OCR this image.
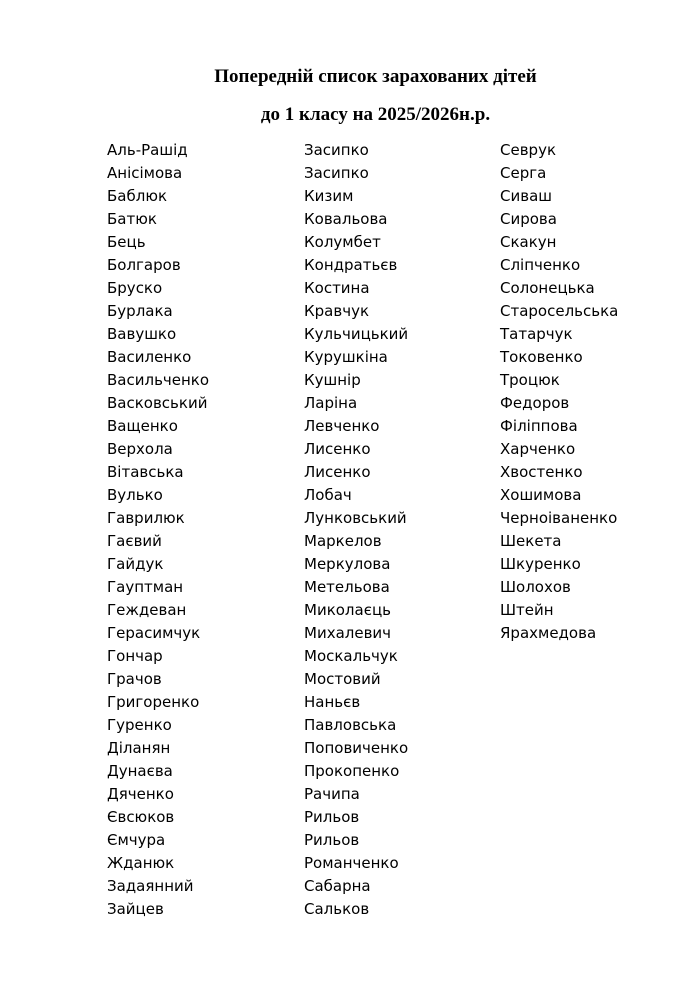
Попередній список зарахованих дітей
до 1 класу на 2025/2026н.р.
Аль-Рашід
Анісімова
Баблюк
Батюк
Бець
Болгаров
Бруско
Бурлака
Вавушко
Василенко
Васильченко
Васковський
Ващенко
Верхола
Вітавська
Вулько
Гаврилюк
Гаєвий
Гайдук
Гауптман
Геждеван
Герасимчук
Гончар
Грачов
Григоренко
Гуренко
Діланян
Дунаєва
Дяченко
Євсюков
Ємчура
Жданюк
Задаянний
Зайцев
Засипко
Засипко
Кизим
Ковальова
Колумбет
Кондратьєв
Костина
Кравчук
Кульчицький
Курушкіна
Кушнір
Ларіна
Левченко
Лисенко
Лисенко
Лобач
Лунковський
Маркелов
Меркулова
Метельова
Миколаєць
Михалевич
Москальчук
Мостовий
Наньєв
Павловська
Поповиченко
Прокопенко
Рачипа
Рильов
Рильов
Романченко
Сабарна
Сальков
Севрук
Серга
Сиваш
Сирова
Скакун
Сліпченко
Солонецька
Старосельська
Татарчук
Токовенко
Троцюк
Федоров
Філіппова
Харченко
Хвостенко
Хошимова
Черноіваненко
Шекета
Шкуренко
Шолохов
Штейн
Ярахмедова
